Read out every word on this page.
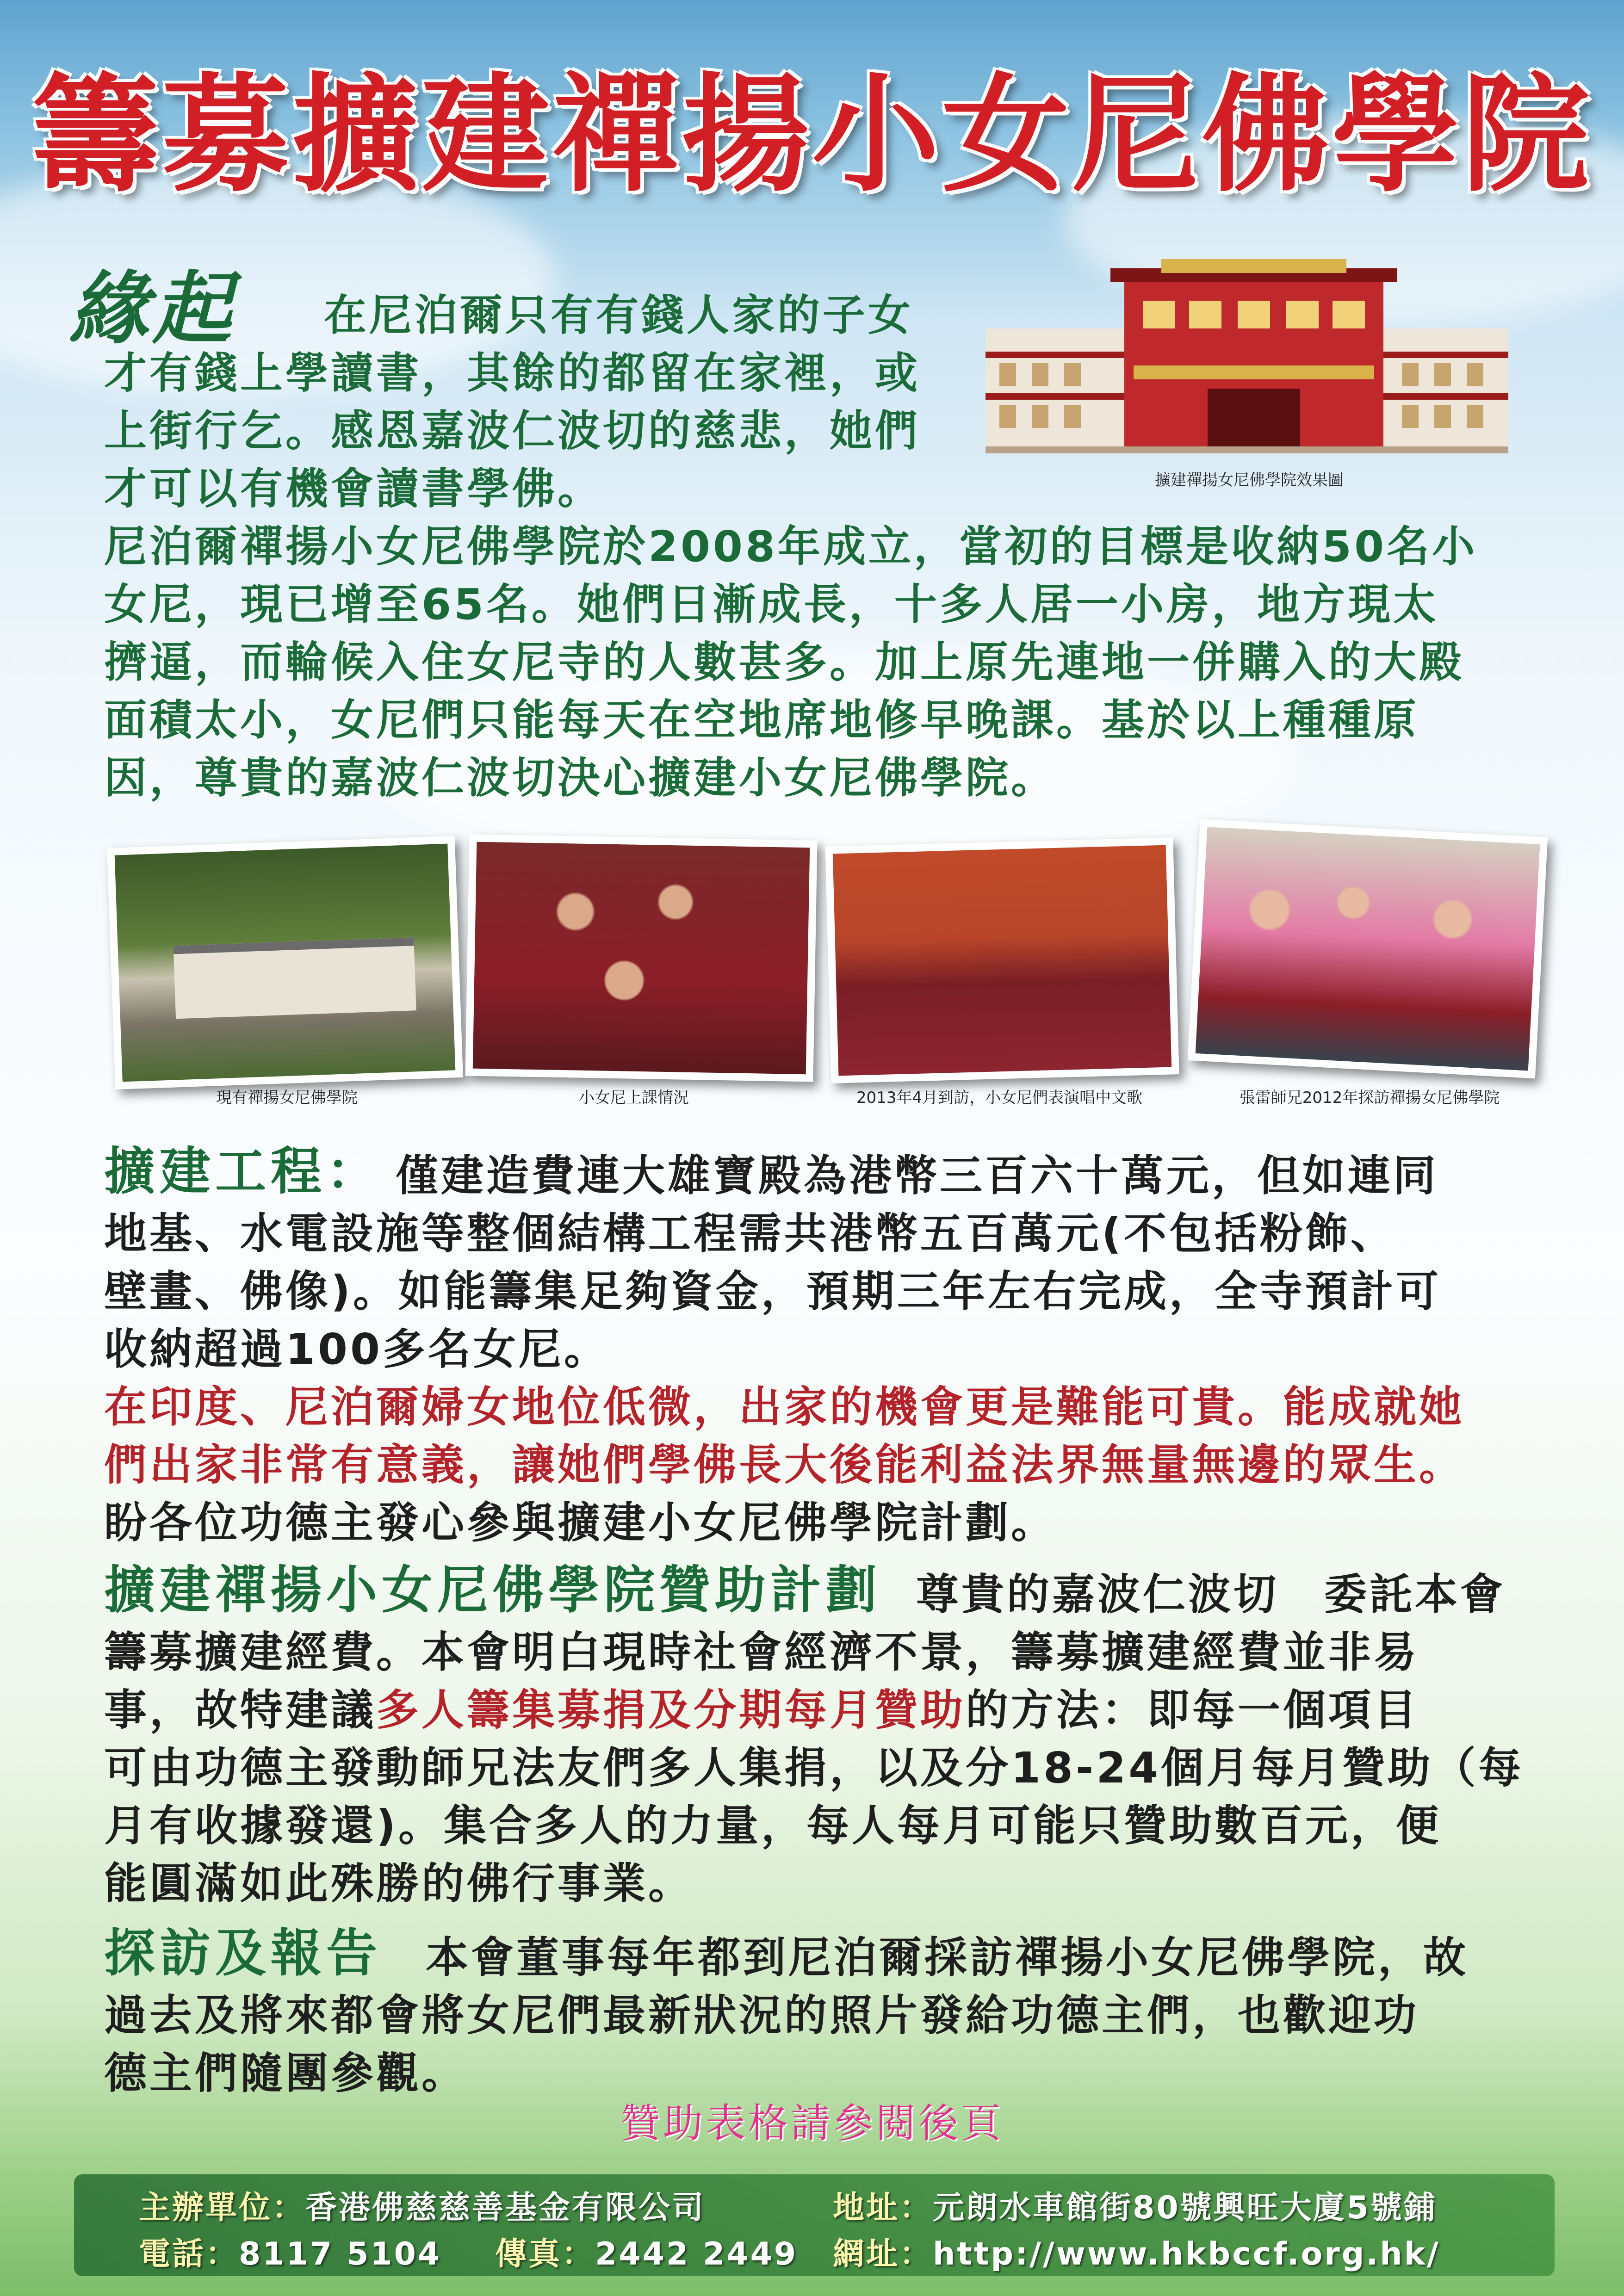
籌募擴建禪揚小女尼佛學院
緣起 在尼泊爾只有有錢人家的子女
才有錢上學讀書，其餘的都留在家裡，或
上街行乞。感恩嘉波仁波切的慈悲，她們
才可以有機會讀書學佛。	擴建禪揚女尼佛學院效果圖
尼泊爾禪揚小女尼佛學院於2008年成立，當初的目標是收納50名小
女尼，現已增至65名。她們日漸成長，十多人居一小房，地方現太
擠逼，而輪候入住女尼寺的人數甚多。加上原先連地一併購入的大殿
面積太小，女尼們只能每天在空地席地修早晚課。基於以上種種原
因，尊貴的嘉波仁波切決心擴建小女尼佛學院。
現有禪揚女尼佛學院	小女尼上課情況	2013年4月到訪，小女尼們表演唱中文歌	張雷師兄2012年探訪禪揚女尼佛學院
擴建工程： 僅建造費連大雄寶殿為港幣三百六十萬元，但如連同
地基、水電設施等整個結構工程需共港幣五百萬元(不包括粉飾、
壁畫、佛像)。如能籌集足夠資金，預期三年左右完成，全寺預計可
收納超過100多名女尼。
在印度、尼泊爾婦女地位低微，出家的機會更是難能可貴。能成就她
們出家非常有意義，讓她們學佛長大後能利益法界無量無邊的眾生。
盼各位功德主發心參與擴建小女尼佛學院計劃。
擴建禪揚小女尼佛學院贊助計劃 尊貴的嘉波仁波切　委託本會
籌募擴建經費。本會明白現時社會經濟不景，籌募擴建經費並非易
事，故特建議多人籌集募捐及分期每月贊助的方法：即每一個項目
可由功德主發動師兄法友們多人集捐，以及分18-24個月每月贊助（每
月有收據發還)。集合多人的力量，每人每月可能只贊助數百元，便
能圓滿如此殊勝的佛行事業。
探訪及報告 本會董事每年都到尼泊爾採訪禪揚小女尼佛學院，故
過去及將來都會將女尼們最新狀況的照片發給功德主們，也歡迎功
德主們隨團參觀。
贊助表格請參閱後頁
主辦單位：香港佛慈慈善基金有限公司	地址：元朗水車館街80號興旺大廈5號鋪
電話：8117 5104 傳真：2442 2449 網址：http://www.hkbccf.org.hk/
